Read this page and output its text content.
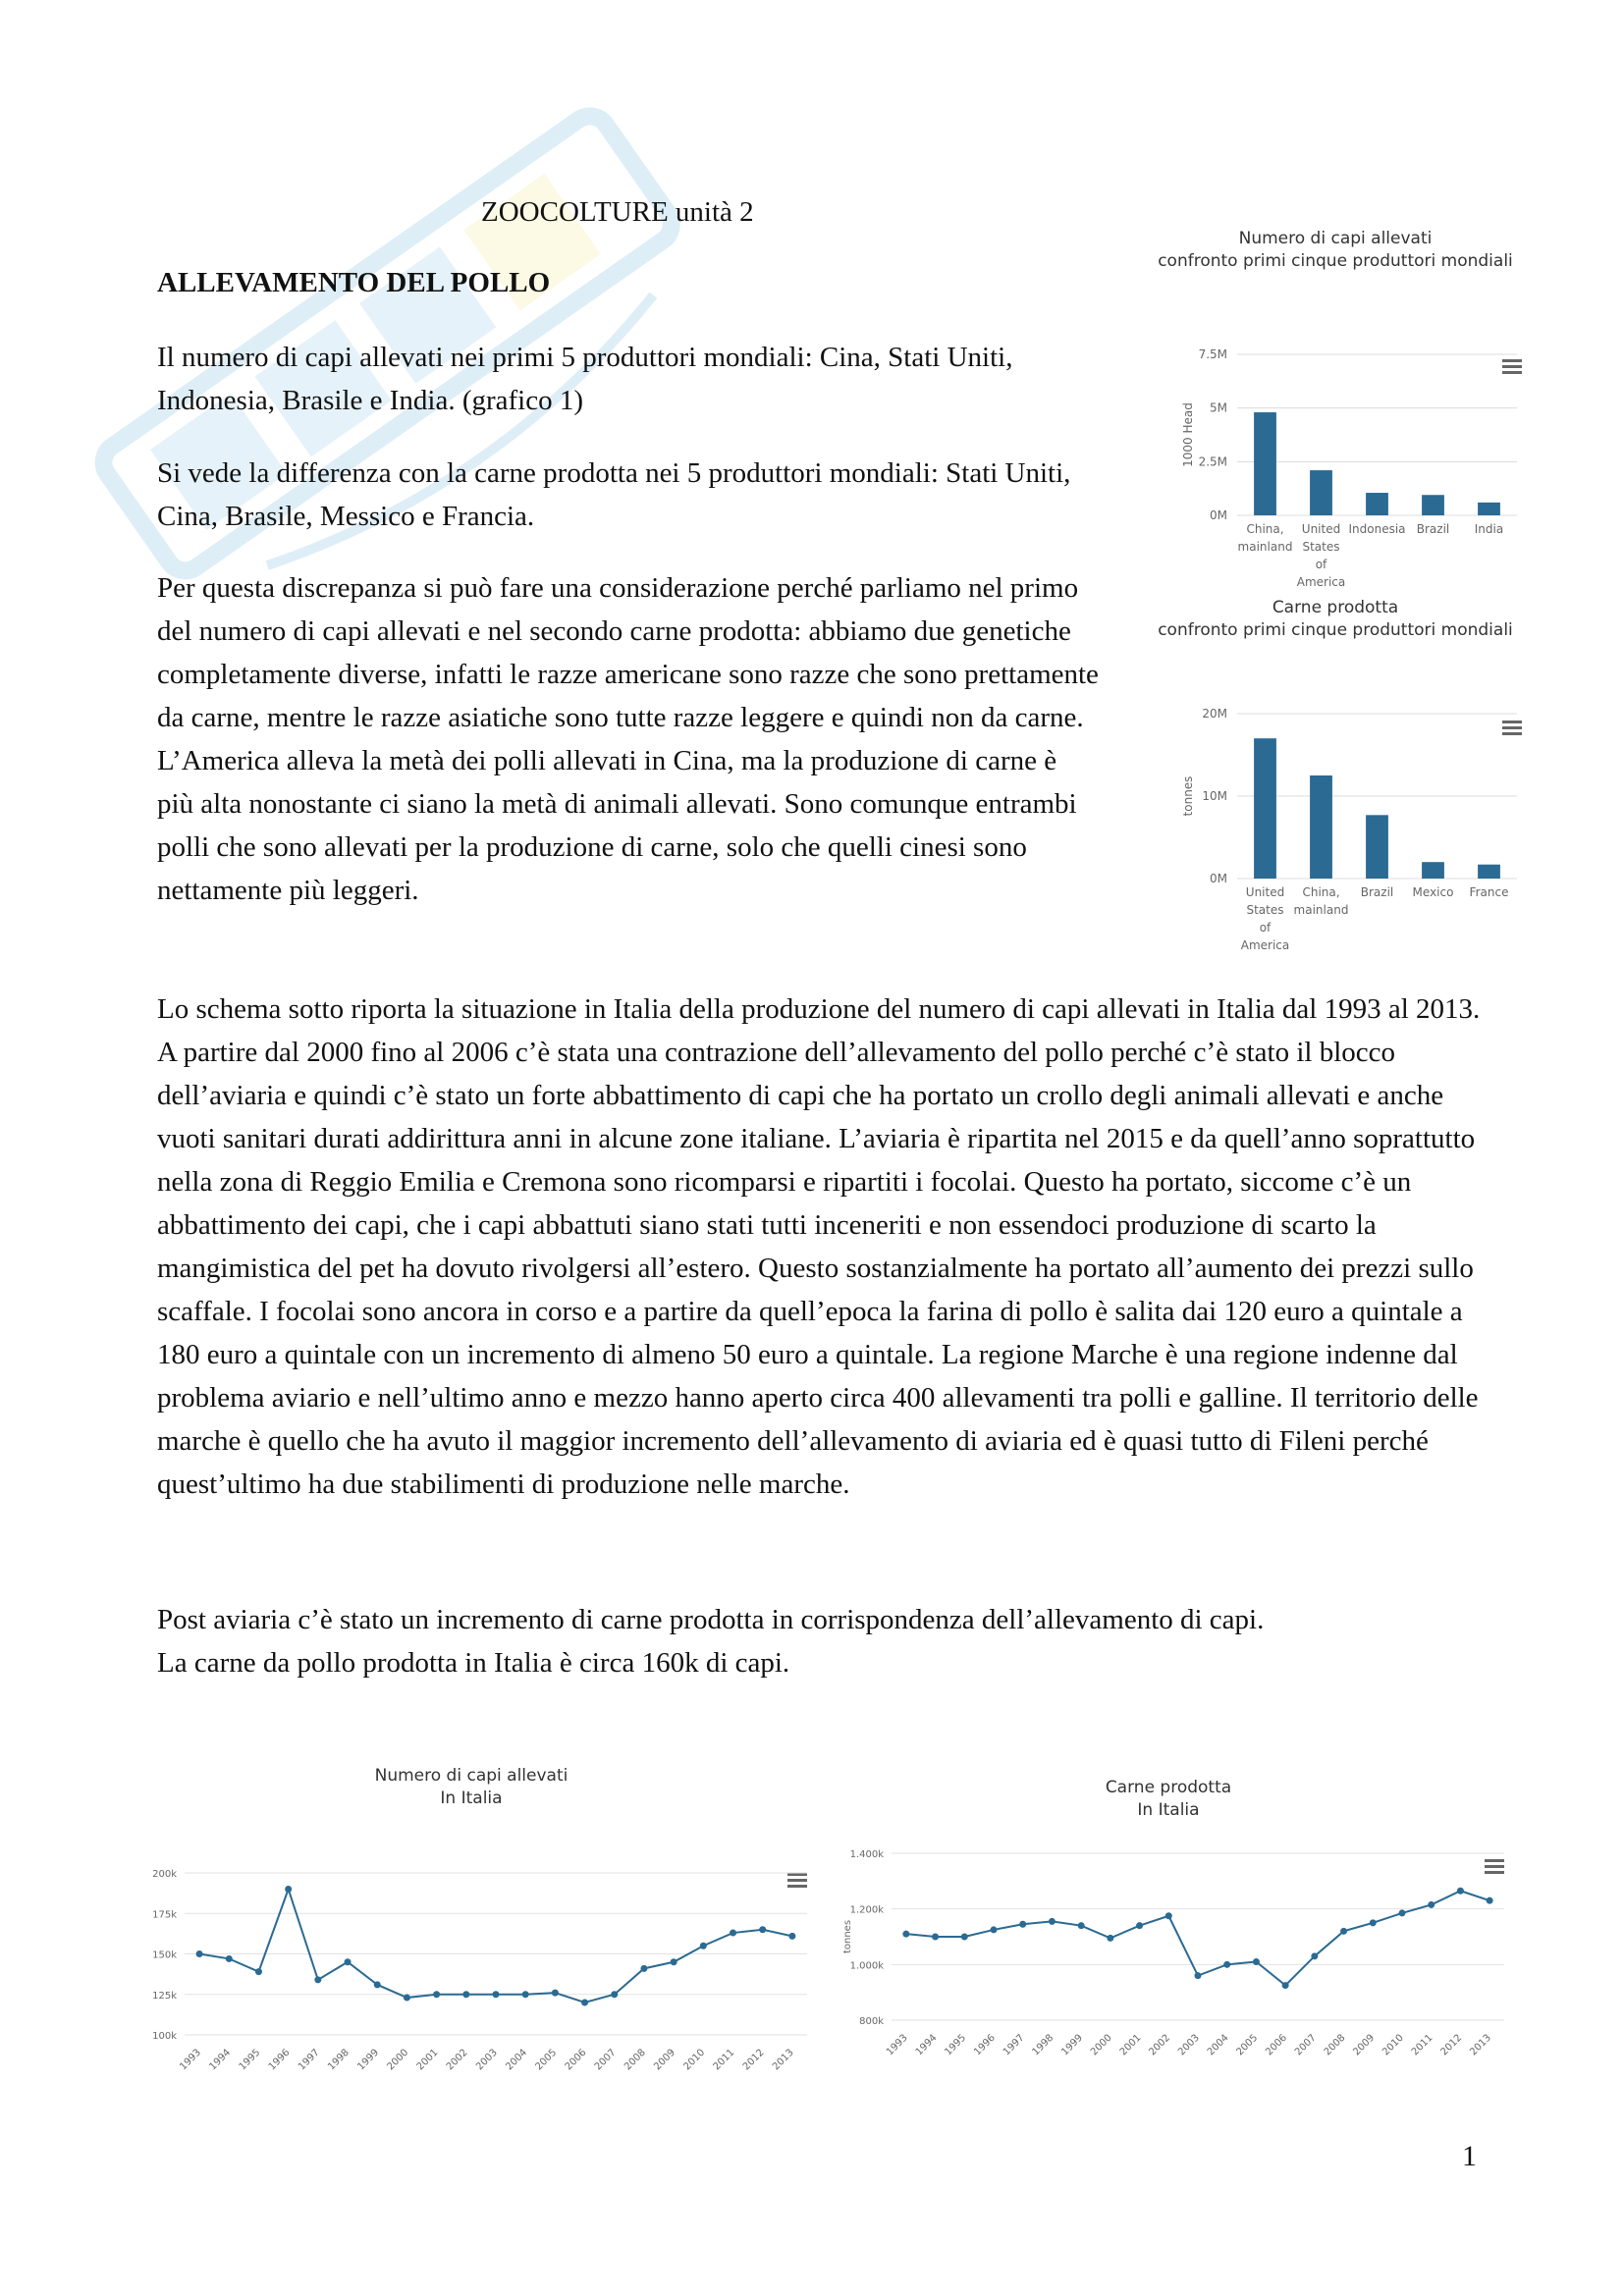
ZOOCOLTURE unità 2
ALLEVAMENTO DEL POLLO

Il numero di capi allevati nei primi 5 produttori mondiali: Cina, Stati Uniti, Indonesia, Brasile e India. (grafico 1)

Si vede la differenza con la carne prodotta nei 5 produttori mondiali: Stati Uniti, Cina, Brasile, Messico e Francia.

Per questa discrepanza si può fare una considerazione perché parliamo nel primo del numero di capi allevati e nel secondo carne prodotta: abbiamo due genetiche completamente diverse, infatti le razze americane sono razze che sono prettamente da carne, mentre le razze asiatiche sono tutte razze leggere e quindi non da carne. L’America alleva la metà dei polli allevati in Cina, ma la produzione di carne è più alta nonostante ci siano la metà di animali allevati. Sono comunque entrambi polli che sono allevati per la produzione di carne, solo che quelli cinesi sono nettamente più leggeri.

Lo schema sotto riporta la situazione in Italia della produzione del numero di capi allevati in Italia dal 1993 al 2013. A partire dal 2000 fino al 2006 c’è stata una contrazione dell’allevamento del pollo perché c’è stato il blocco dell’aviaria e quindi c’è stato un forte abbattimento di capi che ha portato un crollo degli animali allevati e anche vuoti sanitari durati addirittura anni in alcune zone italiane. L’aviaria è ripartita nel 2015 e da quell’anno soprattutto nella zona di Reggio Emilia e Cremona sono ricomparsi e ripartiti i focolai. Questo ha portato, siccome c’è un abbattimento dei capi, che i capi abbattuti siano stati tutti inceneriti e non essendoci produzione di scarto la mangimistica del pet ha dovuto rivolgersi all’estero. Questo sostanzialmente ha portato all’aumento dei prezzi sullo scaffale. I focolai sono ancora in corso e a partire da quell’epoca la farina di pollo è salita dai 120 euro a quintale a 180 euro a quintale con un incremento di almeno 50 euro a quintale. La regione Marche è una regione indenne dal problema aviario e nell’ultimo anno e mezzo hanno aperto circa 400 allevamenti tra polli e galline. Il territorio delle marche è quello che ha avuto il maggior incremento dell’allevamento di aviaria ed è quasi tutto di Fileni perché quest’ultimo ha due stabilimenti di produzione nelle marche.

Post aviaria c’è stato un incremento di carne prodotta in corrispondenza dell’allevamento di capi.

La carne da pollo prodotta in Italia è circa 160k di capi.

Numero di capi allevati
confronto primi cinque produttori mondiali
0M
2.5M
5M
7.5M
1000 Head
China,
mainland
United
States
of
America
Indonesia Brazil India
Carne prodotta
confronto primi cinque produttori mondiali
0M
10M
20M
tonnes
United
States
of
America
China,
mainland
Brazil Mexico France
Numero di capi allevati
In Italia
100k
125k
150k
175k
200k
1993 1994 1995 1996 1997 1998 1999 2000 2001 2002 2003 2004 2005 2006 2007 2008 2009 2010 2011 2012 2013
Carne prodotta
In Italia
800k
1.000k
1.200k
1.400k
tonnes
1993 1994 1995 1996 1997 1998 1999 2000 2001 2002 2003 2004 2005 2006 2007 2008 2009 2010 2011 2012 2013
1
